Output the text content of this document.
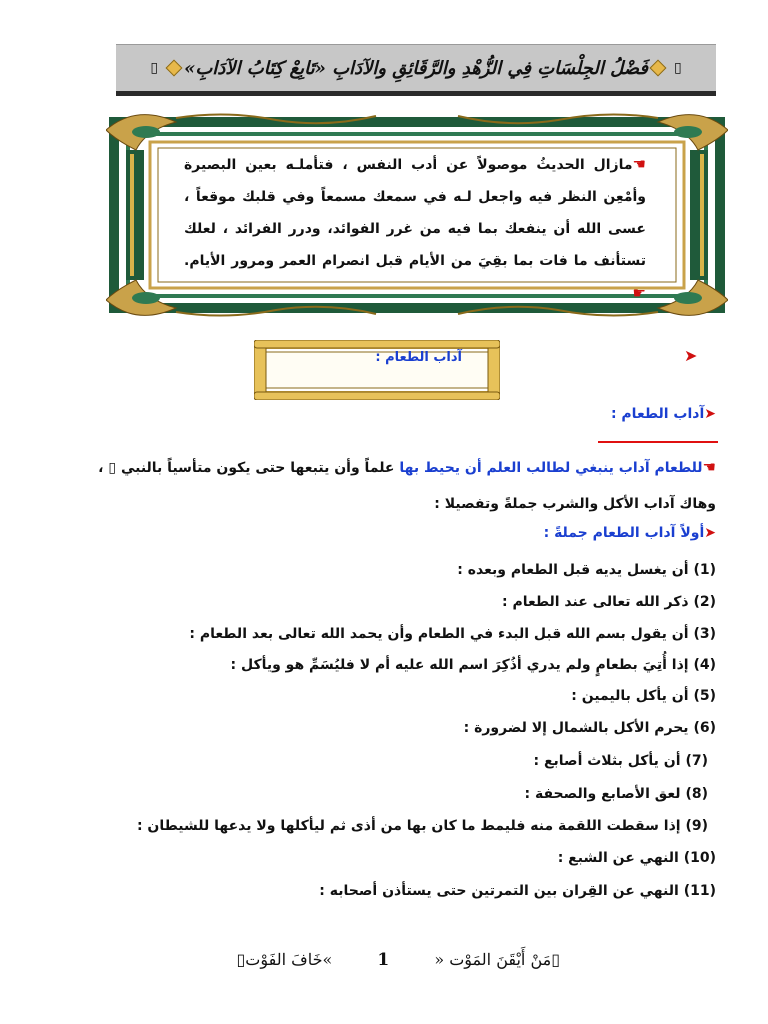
▯
فَضْلُ الجِلْسَاتِ فِي الزُّهْدِ والرَّقَائِقِ والآدَابِ «تَابِعْ كِتَابُ الآدَابِ»
▯
☚مازال الحديثُ موصولاً عن أدب النفس ، فتأملـه بعين البصيرة وأمْعِن النظر فيه واجعل لـه في سمعك مسمعاً وفي قلبك موقعاً ، عسى الله أن ينفعك بما فيه من غرر الفوائد، ودرر الفرائد ، لعلك تستأنف ما فات بما بقِيَ من الأيام قبل انصرام العمر ومرور الأيام. ☛
آداب الطعام :	➤
➤آداب الطعام :
☚للطعام آداب ينبغي لطالب العلم أن يحيط بها علماً وأن يتبعها حتى يكون متأسياً بالنبي ▯ ،
وهاك آداب الأكل والشرب جملةً وتفصيلا :
➤أولاً آداب الطعام جملةً :
(1) أن يغسل يديه قبل الطعام وبعده :
(2) ذكر الله تعالى عند الطعام :
(3) أن يقول بسم الله قبل البدء في الطعام وأن يحمد الله تعالى بعد الطعام :
(4) إذا أُتِيَ بطعامٍ ولم يدري أذُكِرَ اسم الله عليه أم لا فليُسَمِّ هو ويأكل :
(5) أن يأكل باليمين :
(6) يحرم الأكل بالشمال إلا لضرورة :
(7) أن يأكل بثلاث أصابع :
(8) لعق الأصابع والصحفة :
(9) إذا سقطت اللقمة منه فليمط ما كان بها من أذى ثم ليأكلها ولا يدعها للشيطان :
(10) النهي عن الشبع :
(11) النهي عن القِران بين التمرتين حتى يستأذن أصحابه :
▯مَنْ أَيْقَنَ المَوْت « 1 »خَافَ الفَوْت▯
